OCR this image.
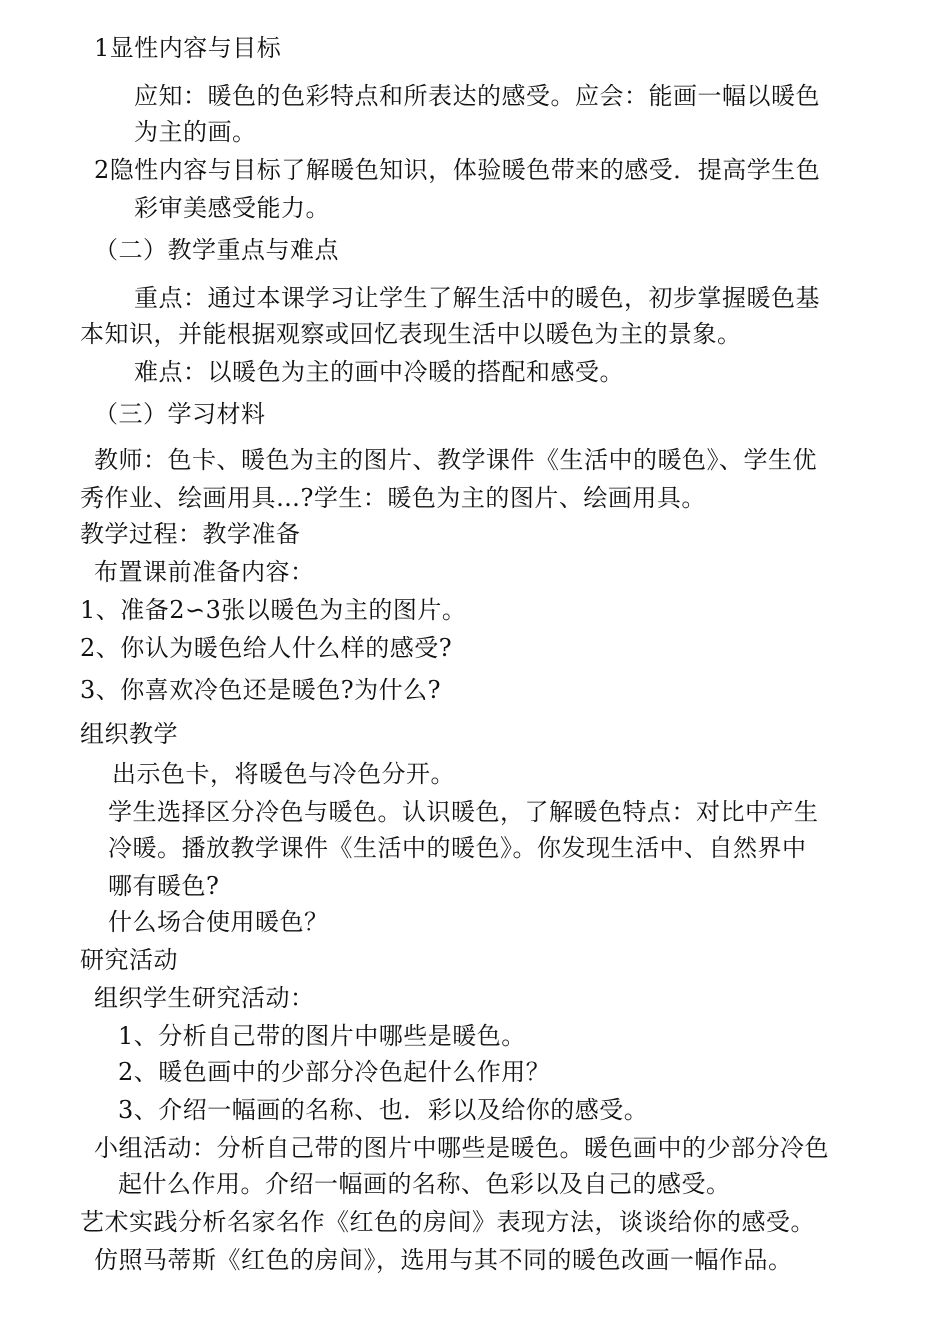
1显性内容与目标
应知：暖色的色彩特点和所表达的感受。应会：能画一幅以暖色
为主的画。
2隐性内容与目标了解暖色知识，体验暖色带来的感受．提高学生色
彩审美感受能力。
（二）教学重点与难点
重点：通过本课学习让学生了解生活中的暖色，初步掌握暖色基
本知识，并能根据观察或回忆表现生活中以暖色为主的景象。
难点：以暖色为主的画中冷暖的搭配和感受。
（三）学习材料
教师：色卡、暖色为主的图片、教学课件《生活中的暖色》、学生优
秀作业、绘画用具…?学生：暖色为主的图片、绘画用具。
教学过程：教学准备
布置课前准备内容：
1、准备2∽3张以暖色为主的图片。
2、你认为暖色给人什么样的感受?
3、你喜欢冷色还是暖色?为什么?
组织教学
出示色卡，将暖色与冷色分开。
学生选择区分冷色与暖色。认识暖色，了解暖色特点：对比中产生
冷暖。播放教学课件《生活中的暖色》。你发现生活中、自然界中
哪有暖色?
什么场合使用暖色？
研究活动
组织学生研究活动：
1、分析自己带的图片中哪些是暖色。
2、暖色画中的少部分冷色起什么作用？
3、介绍一幅画的名称、也．彩以及给你的感受。
小组活动：分析自己带的图片中哪些是暖色。暖色画中的少部分冷色
起什么作用。介绍一幅画的名称、色彩以及自己的感受。
艺术实践分析名家名作《红色的房间》表现方法，谈谈给你的感受。
仿照马蒂斯《红色的房间》，选用与其不同的暖色改画一幅作品。
